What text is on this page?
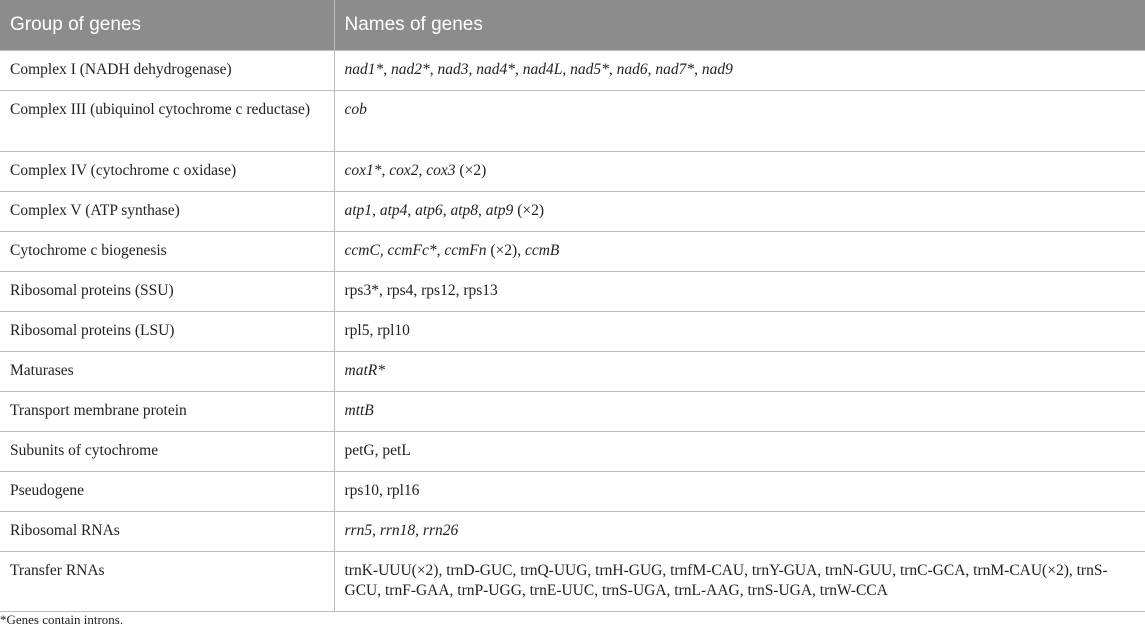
Group of genes	Names of genes
Complex I (NADH dehydrogenase)	nad1*, nad2*, nad3, nad4*, nad4L, nad5*, nad6, nad7*, nad9
Complex III (ubiquinol cytochrome c reductase)	cob
Complex IV (cytochrome c oxidase)	cox1*, cox2, cox3 (×2)
Complex V (ATP synthase)	atp1, atp4, atp6, atp8, atp9 (×2)
Cytochrome c biogenesis	ccmC, ccmFc*, ccmFn (×2), ccmB
Ribosomal proteins (SSU)	rps3*, rps4, rps12, rps13
Ribosomal proteins (LSU)	rpl5, rpl10
Maturases	matR*
Transport membrane protein	mttB
Subunits of cytochrome	petG, petL
Pseudogene	rps10, rpl16
Ribosomal RNAs	rrn5, rrn18, rrn26
Transfer RNAs	trnK-UUU(×2), trnD-GUC, trnQ-UUG, trnH-GUG, trnfM-CAU, trnY-GUA, trnN-GUU, trnC-GCA, trnM-CAU(×2), trnS-GCU, trnF-GAA, trnP-UGG, trnE-UUC, trnS-UGA, trnL-AAG, trnS-UGA, trnW-CCA
*Genes contain introns.
